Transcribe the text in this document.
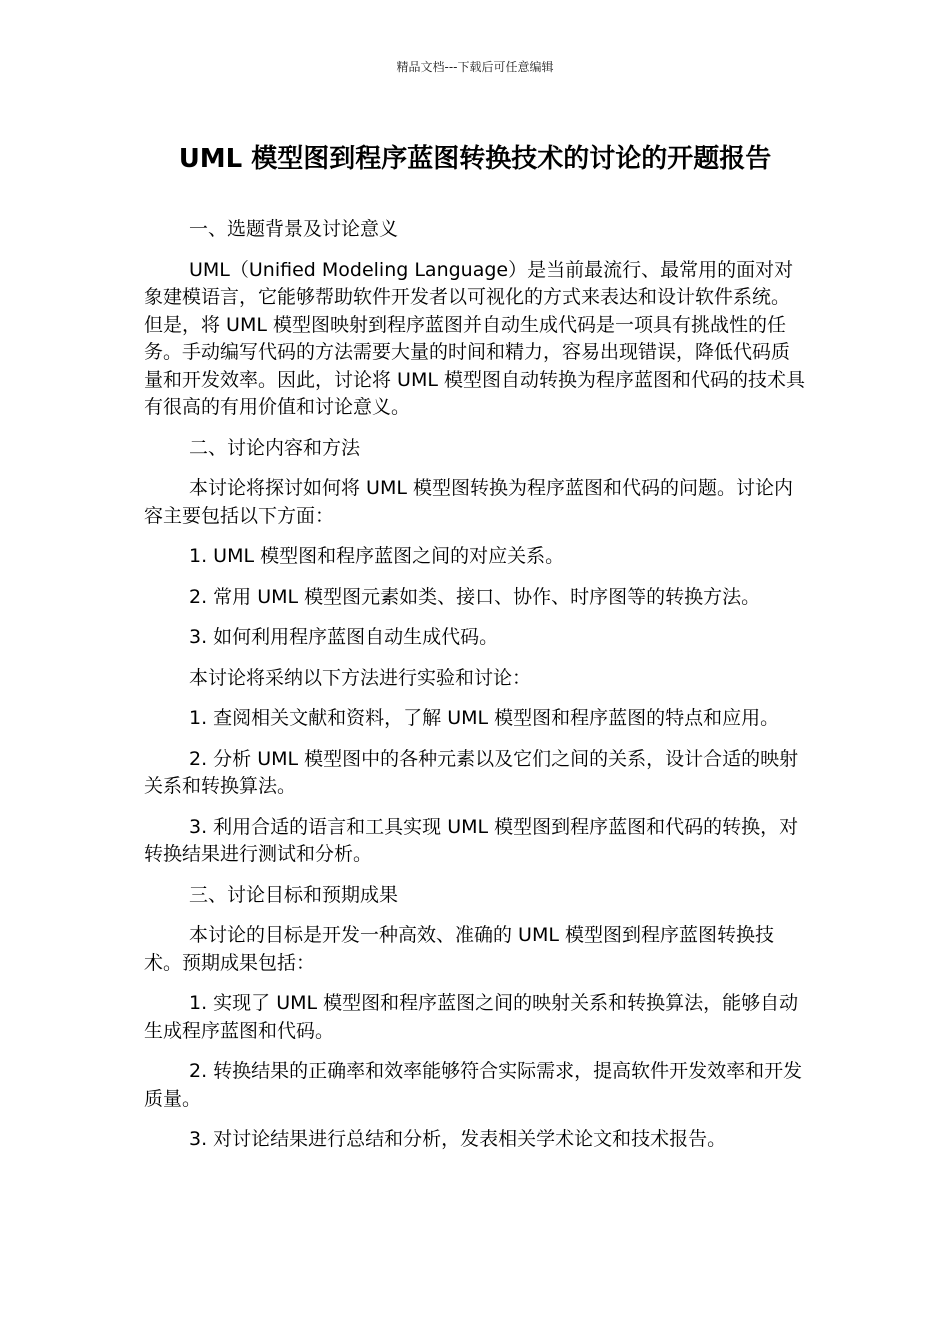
精品文档---下载后可任意编辑
UML 模型图到程序蓝图转换技术的讨论的开题报告

一、选题背景及讨论意义

UML（Unified Modeling Language）是当前最流行、最常用的面对对象建模语言，它能够帮助软件开发者以可视化的方式来表达和设计软件系统。但是，将 UML 模型图映射到程序蓝图并自动生成代码是一项具有挑战性的任务。手动编写代码的方法需要大量的时间和精力，容易出现错误，降低代码质量和开发效率。因此，讨论将 UML 模型图自动转换为程序蓝图和代码的技术具有很高的有用价值和讨论意义。

二、讨论内容和方法

本讨论将探讨如何将 UML 模型图转换为程序蓝图和代码的问题。讨论内容主要包括以下方面：

1. UML 模型图和程序蓝图之间的对应关系。

2. 常用 UML 模型图元素如类、接口、协作、时序图等的转换方法。

3. 如何利用程序蓝图自动生成代码。

本讨论将采纳以下方法进行实验和讨论：

1. 查阅相关文献和资料，了解 UML 模型图和程序蓝图的特点和应用。

2. 分析 UML 模型图中的各种元素以及它们之间的关系，设计合适的映射关系和转换算法。

3. 利用合适的语言和工具实现 UML 模型图到程序蓝图和代码的转换，对转换结果进行测试和分析。

三、讨论目标和预期成果

本讨论的目标是开发一种高效、准确的 UML 模型图到程序蓝图转换技术。预期成果包括：

1. 实现了 UML 模型图和程序蓝图之间的映射关系和转换算法，能够自动生成程序蓝图和代码。

2. 转换结果的正确率和效率能够符合实际需求，提高软件开发效率和开发质量。

3. 对讨论结果进行总结和分析，发表相关学术论文和技术报告。
